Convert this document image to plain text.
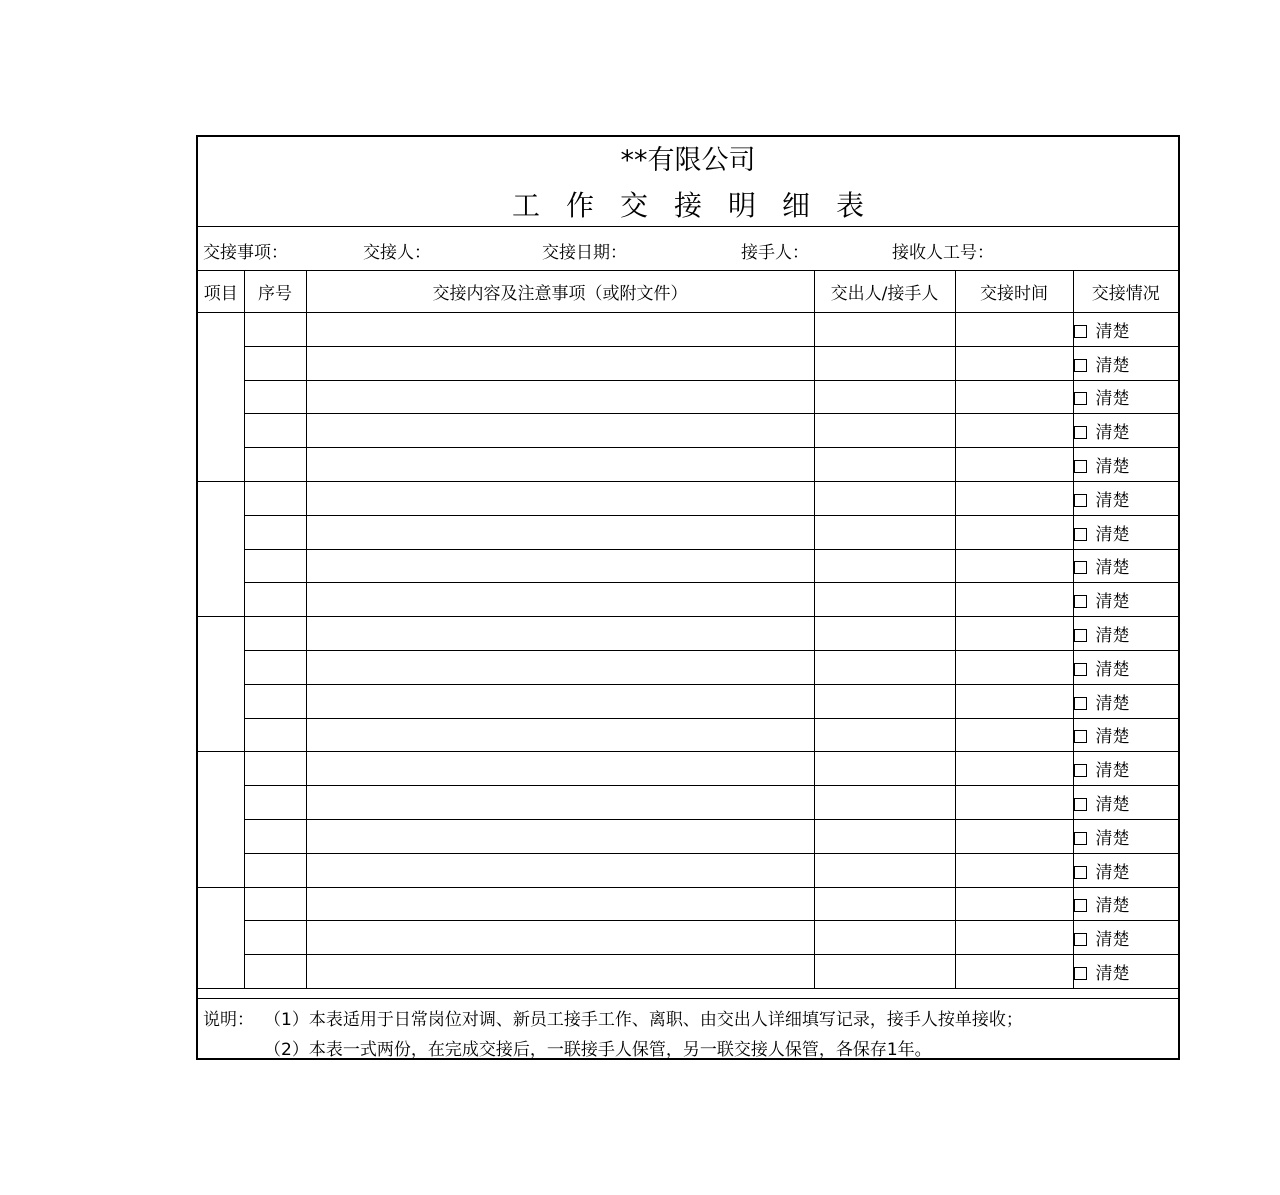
**有限公司
工作交接明细表
交接事项：	交接人：	交接日期：	接手人：	接收人工号：
项目	序号	交接内容及注意事项（或附文件）	交出人/接手人	交接时间	交接情况
					清楚
					清楚
					清楚
					清楚
					清楚
					清楚
					清楚
					清楚
					清楚
					清楚
					清楚
					清楚
					清楚
					清楚
					清楚
					清楚
					清楚
					清楚
					清楚
					清楚
说明： （1）本表适用于日常岗位对调、新员工接手工作、离职、由交出人详细填写记录，接手人按单接收；
（2）本表一式两份，在完成交接后，一联接手人保管，另一联交接人保管，各保存1年。
